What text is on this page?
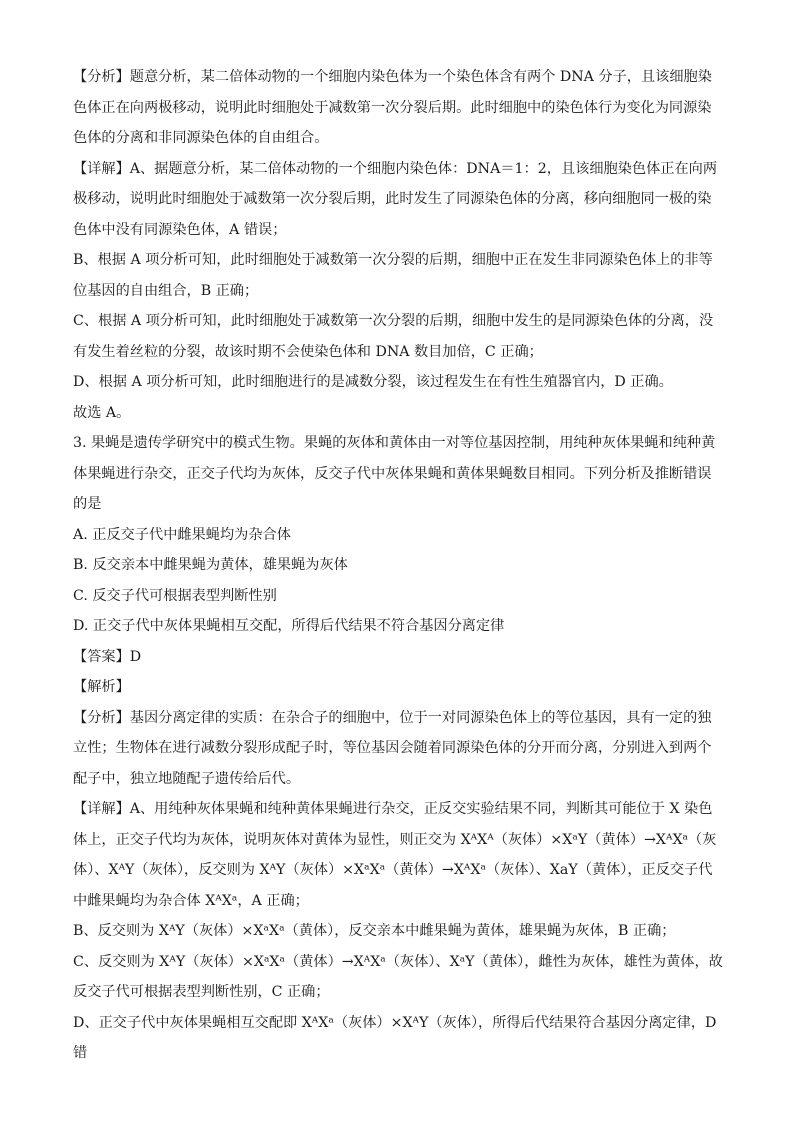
【分析】题意分析，某二倍体动物的一个细胞内染色体为一个染色体含有两个 DNA 分子，且该细胞染色体正在向两极移动，说明此时细胞处于减数第一次分裂后期。此时细胞中的染色体行为变化为同源染色体的分离和非同源染色体的自由组合。

【详解】A、据题意分析，某二倍体动物的一个细胞内染色体：DNA＝1：2，且该细胞染色体正在向两极移动，说明此时细胞处于减数第一次分裂后期，此时发生了同源染色体的分离，移向细胞同一极的染色体中没有同源染色体，A 错误；

B、根据 A 项分析可知，此时细胞处于减数第一次分裂的后期，细胞中正在发生非同源染色体上的非等位基因的自由组合，B 正确；

C、根据 A 项分析可知，此时细胞处于减数第一次分裂的后期，细胞中发生的是同源染色体的分离，没有发生着丝粒的分裂，故该时期不会使染色体和 DNA 数目加倍，C 正确；

D、根据 A 项分析可知，此时细胞进行的是减数分裂，该过程发生在有性生殖器官内，D 正确。

故选 A。

3. 果蝇是遗传学研究中的模式生物。果蝇的灰体和黄体由一对等位基因控制，用纯种灰体果蝇和纯种黄体果蝇进行杂交，正交子代均为灰体，反交子代中灰体果蝇和黄体果蝇数目相同。下列分析及推断错误的是

A. 正反交子代中雌果蝇均为杂合体

B. 反交亲本中雌果蝇为黄体，雄果蝇为灰体

C. 反交子代可根据表型判断性别

D. 正交子代中灰体果蝇相互交配，所得后代结果不符合基因分离定律

【答案】D

【解析】

【分析】基因分离定律的实质：在杂合子的细胞中，位于一对同源染色体上的等位基因，具有一定的独立性；生物体在进行减数分裂形成配子时，等位基因会随着同源染色体的分开而分离，分别进入到两个配子中，独立地随配子遗传给后代。

【详解】A、用纯种灰体果蝇和纯种黄体果蝇进行杂交，正反交实验结果不同，判断其可能位于 X 染色体上，正交子代均为灰体，说明灰体对黄体为显性，则正交为 XᴬXᴬ（灰体）×XᵃY（黄体）→XᴬXᵃ（灰体）、XᴬY（灰体），反交则为 XᴬY（灰体）×XᵃXᵃ（黄体）→XᴬXᵃ（灰体）、XaY（黄体），正反交子代中雌果蝇均为杂合体 XᴬXᵃ，A 正确；

B、反交则为 XᴬY（灰体）×XᵃXᵃ（黄体），反交亲本中雌果蝇为黄体，雄果蝇为灰体，B 正确；

C、反交则为 XᴬY（灰体）×XᵃXᵃ（黄体）→XᴬXᵃ（灰体）、XᵃY（黄体），雌性为灰体，雄性为黄体，故反交子代可根据表型判断性别，C 正确；

D、正交子代中灰体果蝇相互交配即 XᴬXᵃ（灰体）×XᴬY（灰体），所得后代结果符合基因分离定律，D 错
